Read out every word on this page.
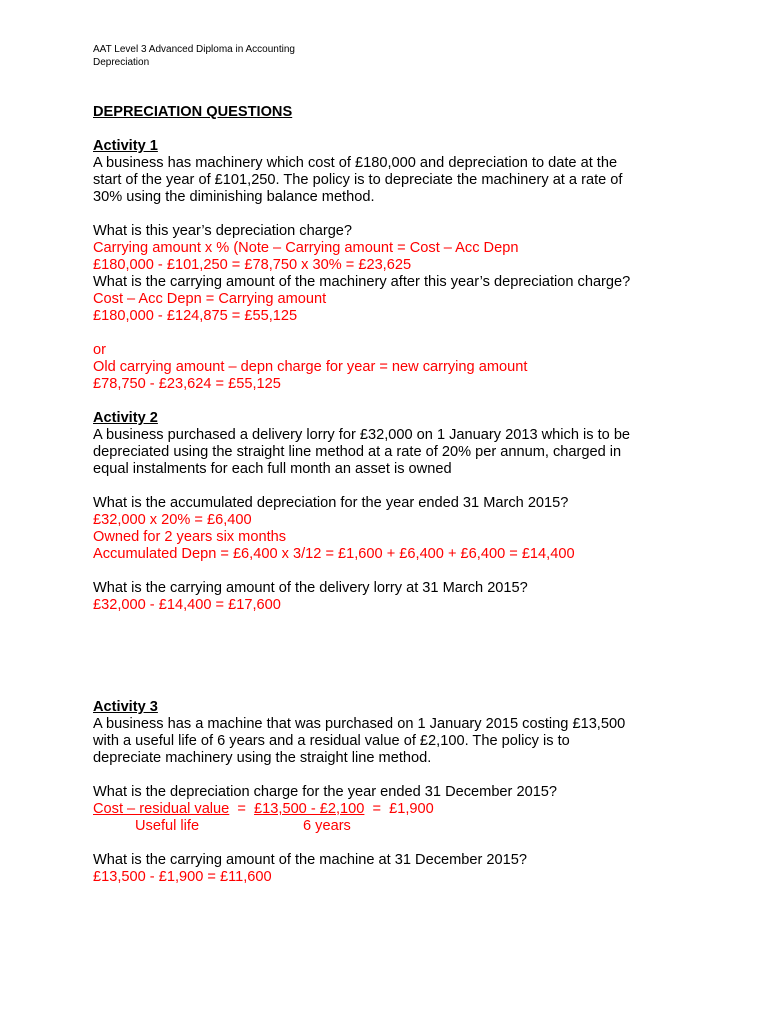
AAT Level 3 Advanced Diploma in Accounting
Depreciation
DEPRECIATION QUESTIONS
Activity 1
A business has machinery which cost of £180,000 and depreciation to date at the
start of the year of £101,250. The policy is to depreciate the machinery at a rate of
30% using the diminishing balance method.
What is this year’s depreciation charge?
Carrying amount x % (Note – Carrying amount = Cost – Acc Depn
£180,000 - £101,250 = £78,750 x 30% = £23,625
What is the carrying amount of the machinery after this year’s depreciation charge?
Cost – Acc Depn = Carrying amount
£180,000 - £124,875 = £55,125
or
Old carrying amount – depn charge for year = new carrying amount
£78,750 - £23,624 = £55,125
Activity 2
A business purchased a delivery lorry for £32,000 on 1 January 2013 which is to be
depreciated using the straight line method at a rate of 20% per annum, charged in
equal instalments for each full month an asset is owned
What is the accumulated depreciation for the year ended 31 March 2015?
£32,000 x 20% = £6,400
Owned for 2 years six months
Accumulated Depn = £6,400 x 3/12 = £1,600 + £6,400 + £6,400 = £14,400
What is the carrying amount of the delivery lorry at 31 March 2015?
£32,000 - £14,400 = £17,600
Activity 3
A business has a machine that was purchased on 1 January 2015 costing £13,500
with a useful life of 6 years and a residual value of £2,100. The policy is to
depreciate machinery using the straight line method.
What is the depreciation charge for the year ended 31 December 2015?
Cost – residual value  =  £13,500 - £2,100  =  £1,900
Useful life	6 years
What is the carrying amount of the machine at 31 December 2015?
£13,500 - £1,900 = £11,600
